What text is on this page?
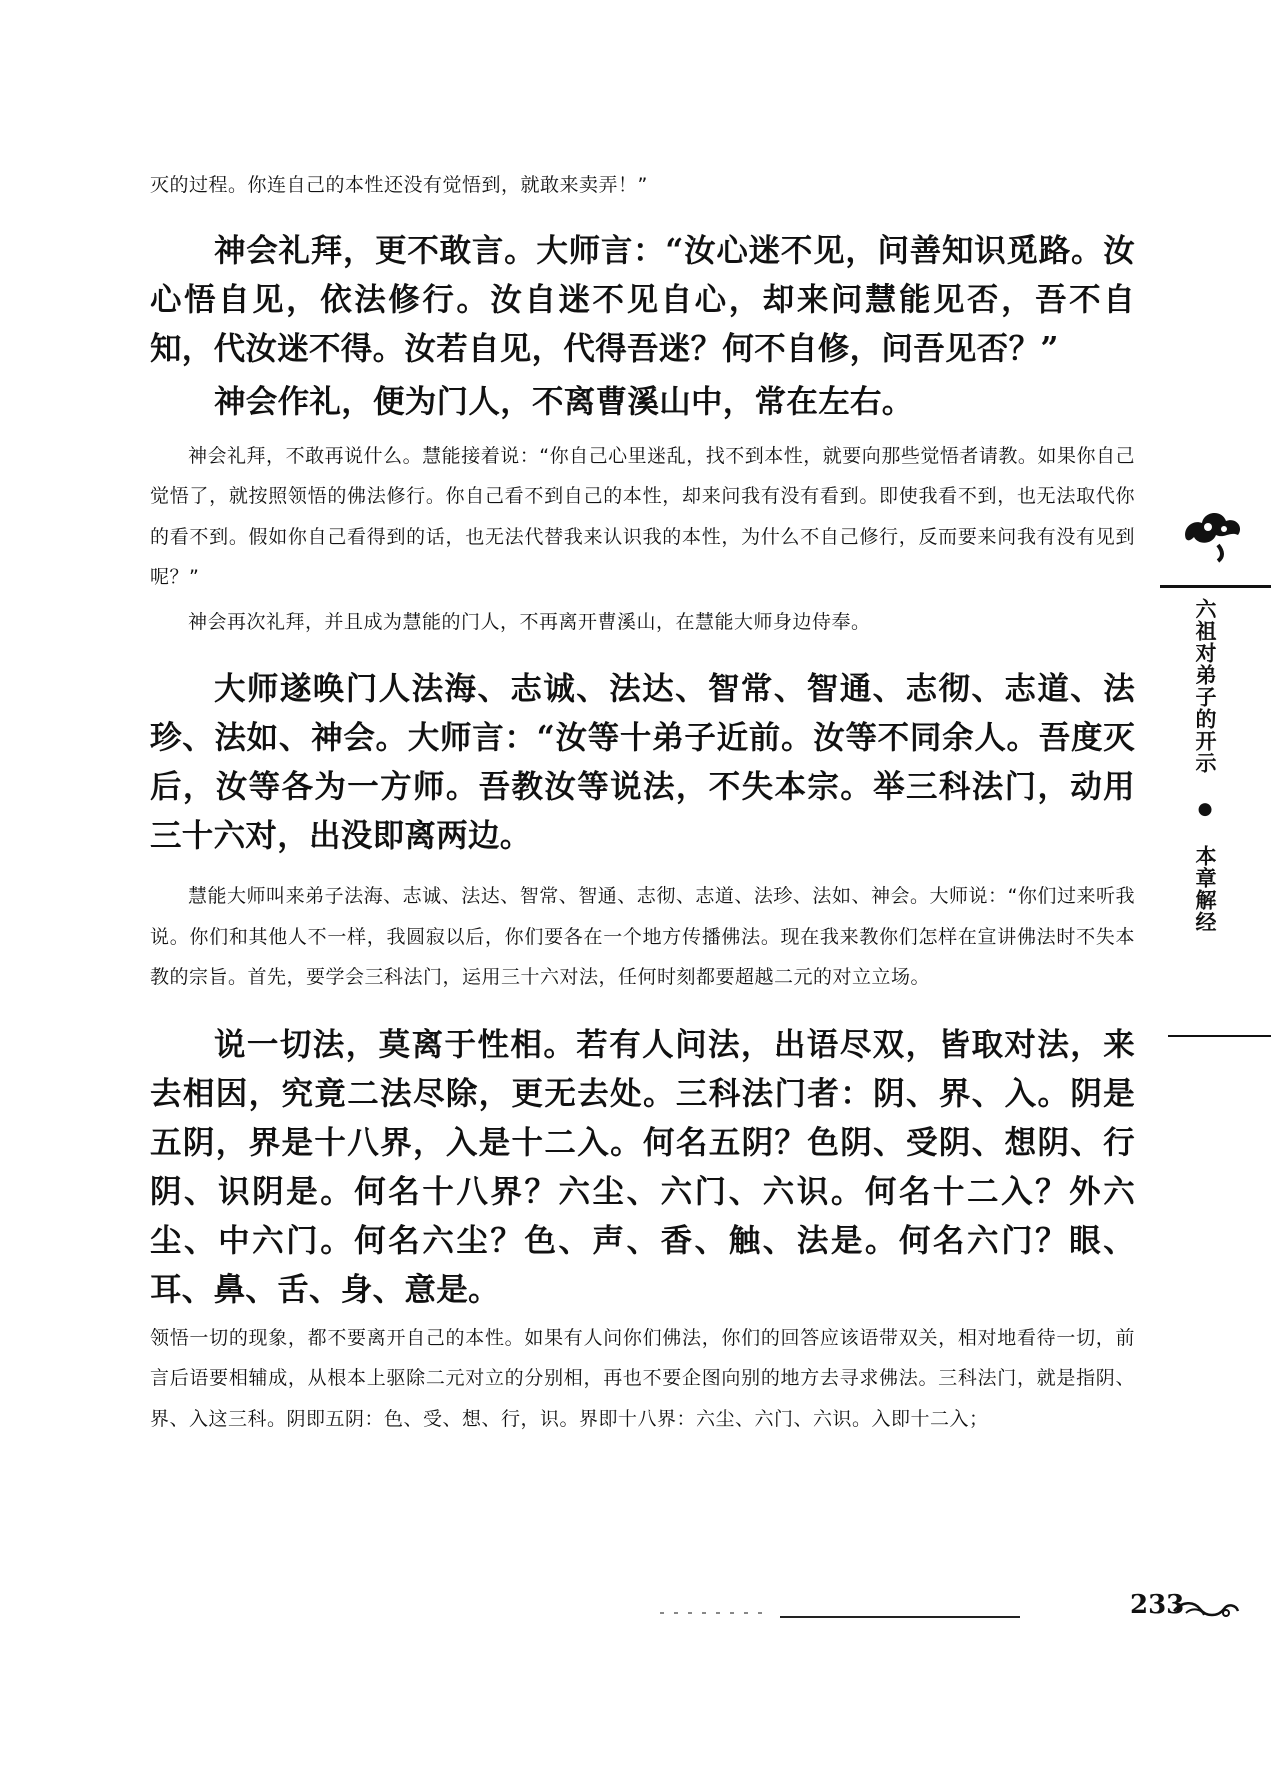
灭的过程。你连自己的本性还没有觉悟到，就敢来卖弄！”

神会礼拜，更不敢言。大师言：“汝心迷不见，问善知识觅路。汝心悟自见，依法修行。汝自迷不见自心，却来问慧能见否，吾不自知，代汝迷不得。汝若自见，代得吾迷？何不自修，问吾见否？”

神会作礼，便为门人，不离曹溪山中，常在左右。

神会礼拜，不敢再说什么。慧能接着说：“你自己心里迷乱，找不到本性，就要向那些觉悟者请教。如果你自己觉悟了，就按照领悟的佛法修行。你自己看不到自己的本性，却来问我有没有看到。即使我看不到，也无法取代你的看不到。假如你自己看得到的话，也无法代替我来认识我的本性，为什么不自己修行，反而要来问我有没有见到呢？”

神会再次礼拜，并且成为慧能的门人，不再离开曹溪山，在慧能大师身边侍奉。

大师遂唤门人法海、志诚、法达、智常、智通、志彻、志道、法珍、法如、神会。大师言：“汝等十弟子近前。汝等不同余人。吾度灭后，汝等各为一方师。吾教汝等说法，不失本宗。举三科法门，动用三十六对，出没即离两边。

慧能大师叫来弟子法海、志诚、法达、智常、智通、志彻、志道、法珍、法如、神会。大师说：“你们过来听我说。你们和其他人不一样，我圆寂以后，你们要各在一个地方传播佛法。现在我来教你们怎样在宣讲佛法时不失本教的宗旨。首先，要学会三科法门，运用三十六对法，任何时刻都要超越二元的对立立场。

说一切法，莫离于性相。若有人问法，出语尽双，皆取对法，来去相因，究竟二法尽除，更无去处。三科法门者：阴、界、入。阴是五阴，界是十八界，入是十二入。何名五阴？色阴、受阴、想阴、行阴、识阴是。何名十八界？六尘、六门、六识。何名十二入？外六尘、中六门。何名六尘？色、声、香、触、法是。何名六门？眼、耳、鼻、舌、身、意是。

领悟一切的现象，都不要离开自己的本性。如果有人问你们佛法，你们的回答应该语带双关，相对地看待一切，前言后语要相辅成，从根本上驱除二元对立的分别相，再也不要企图向别的地方去寻求佛法。三科法门，就是指阴、界、入这三科。阴即五阴：色、受、想、行，识。界即十八界：六尘、六门、六识。入即十二入；

六祖对弟子的开示 ● 本章解经
233
